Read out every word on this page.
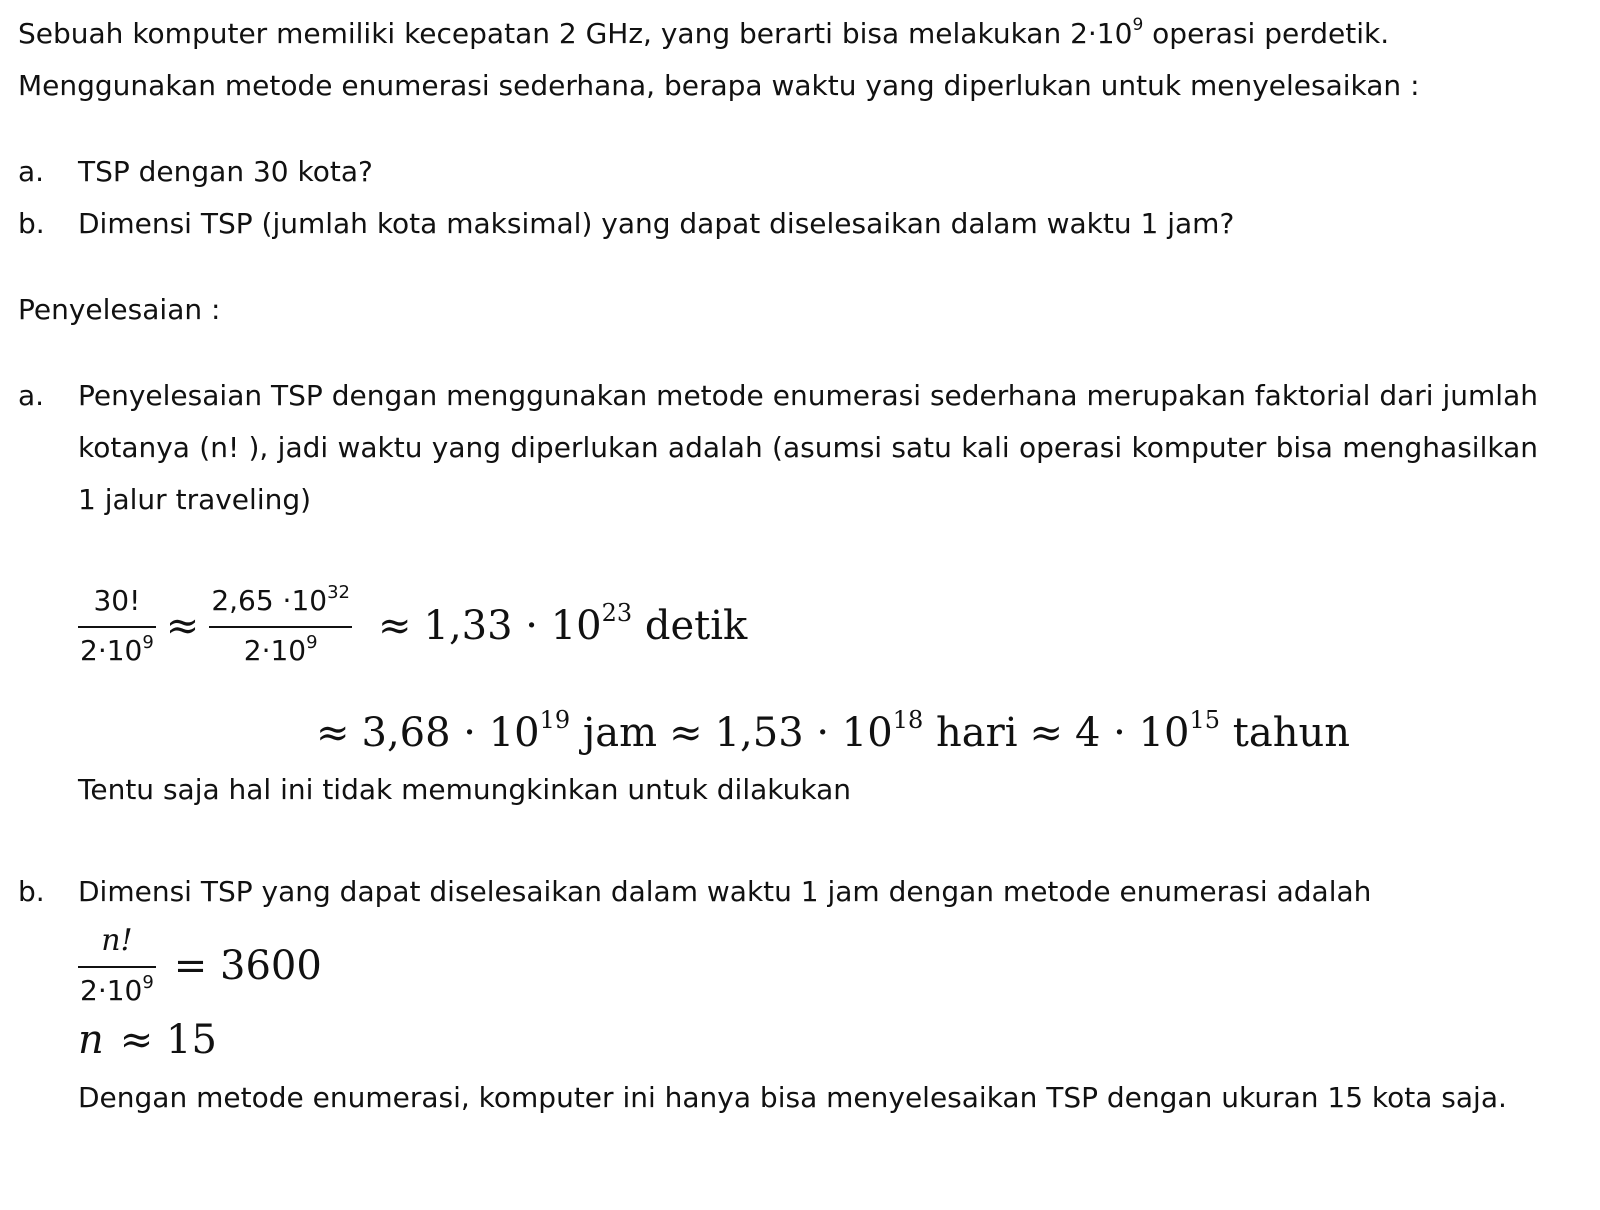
Sebuah komputer memiliki kecepatan 2 GHz, yang berarti bisa melakukan $2\cdot 10^9$ operasi perdetik.
Menggunakan metode enumerasi sederhana, berapa waktu yang diperlukan untuk menyelesaikan :
a. TSP dengan 30 kota?
b. Dimensi TSP (jumlah kota maksimal) yang dapat diselesaikan dalam waktu 1 jam?
Penyelesaian :
a. Penyelesaian TSP dengan menggunakan metode enumerasi sederhana merupakan faktorial dari jumlah kotanya (n! ), jadi waktu yang diperlukan adalah (asumsi satu kali operasi komputer bisa menghasilkan 1 jalur traveling)
$\frac{30!}{2\cdot 10^9} \approx \frac{2,65 \cdot 10^{32}}{2\cdot 10^9} \approx 1,33 \cdot 10^{23}$ detik
≈ $3,68 \cdot 10^{19}$ jam ≈ $1,53 \cdot 10^{18}$ hari ≈ $4 \cdot 10^{15}$ tahun
Tentu saja hal ini tidak memungkinkan untuk dilakukan
b. Dimensi TSP yang dapat diselesaikan dalam waktu 1 jam dengan metode enumerasi adalah
$\frac{n!}{2\cdot 10^9} = 3600$
n ≈ 15
Dengan metode enumerasi, komputer ini hanya bisa menyelesaikan TSP dengan ukuran 15 kota saja.
